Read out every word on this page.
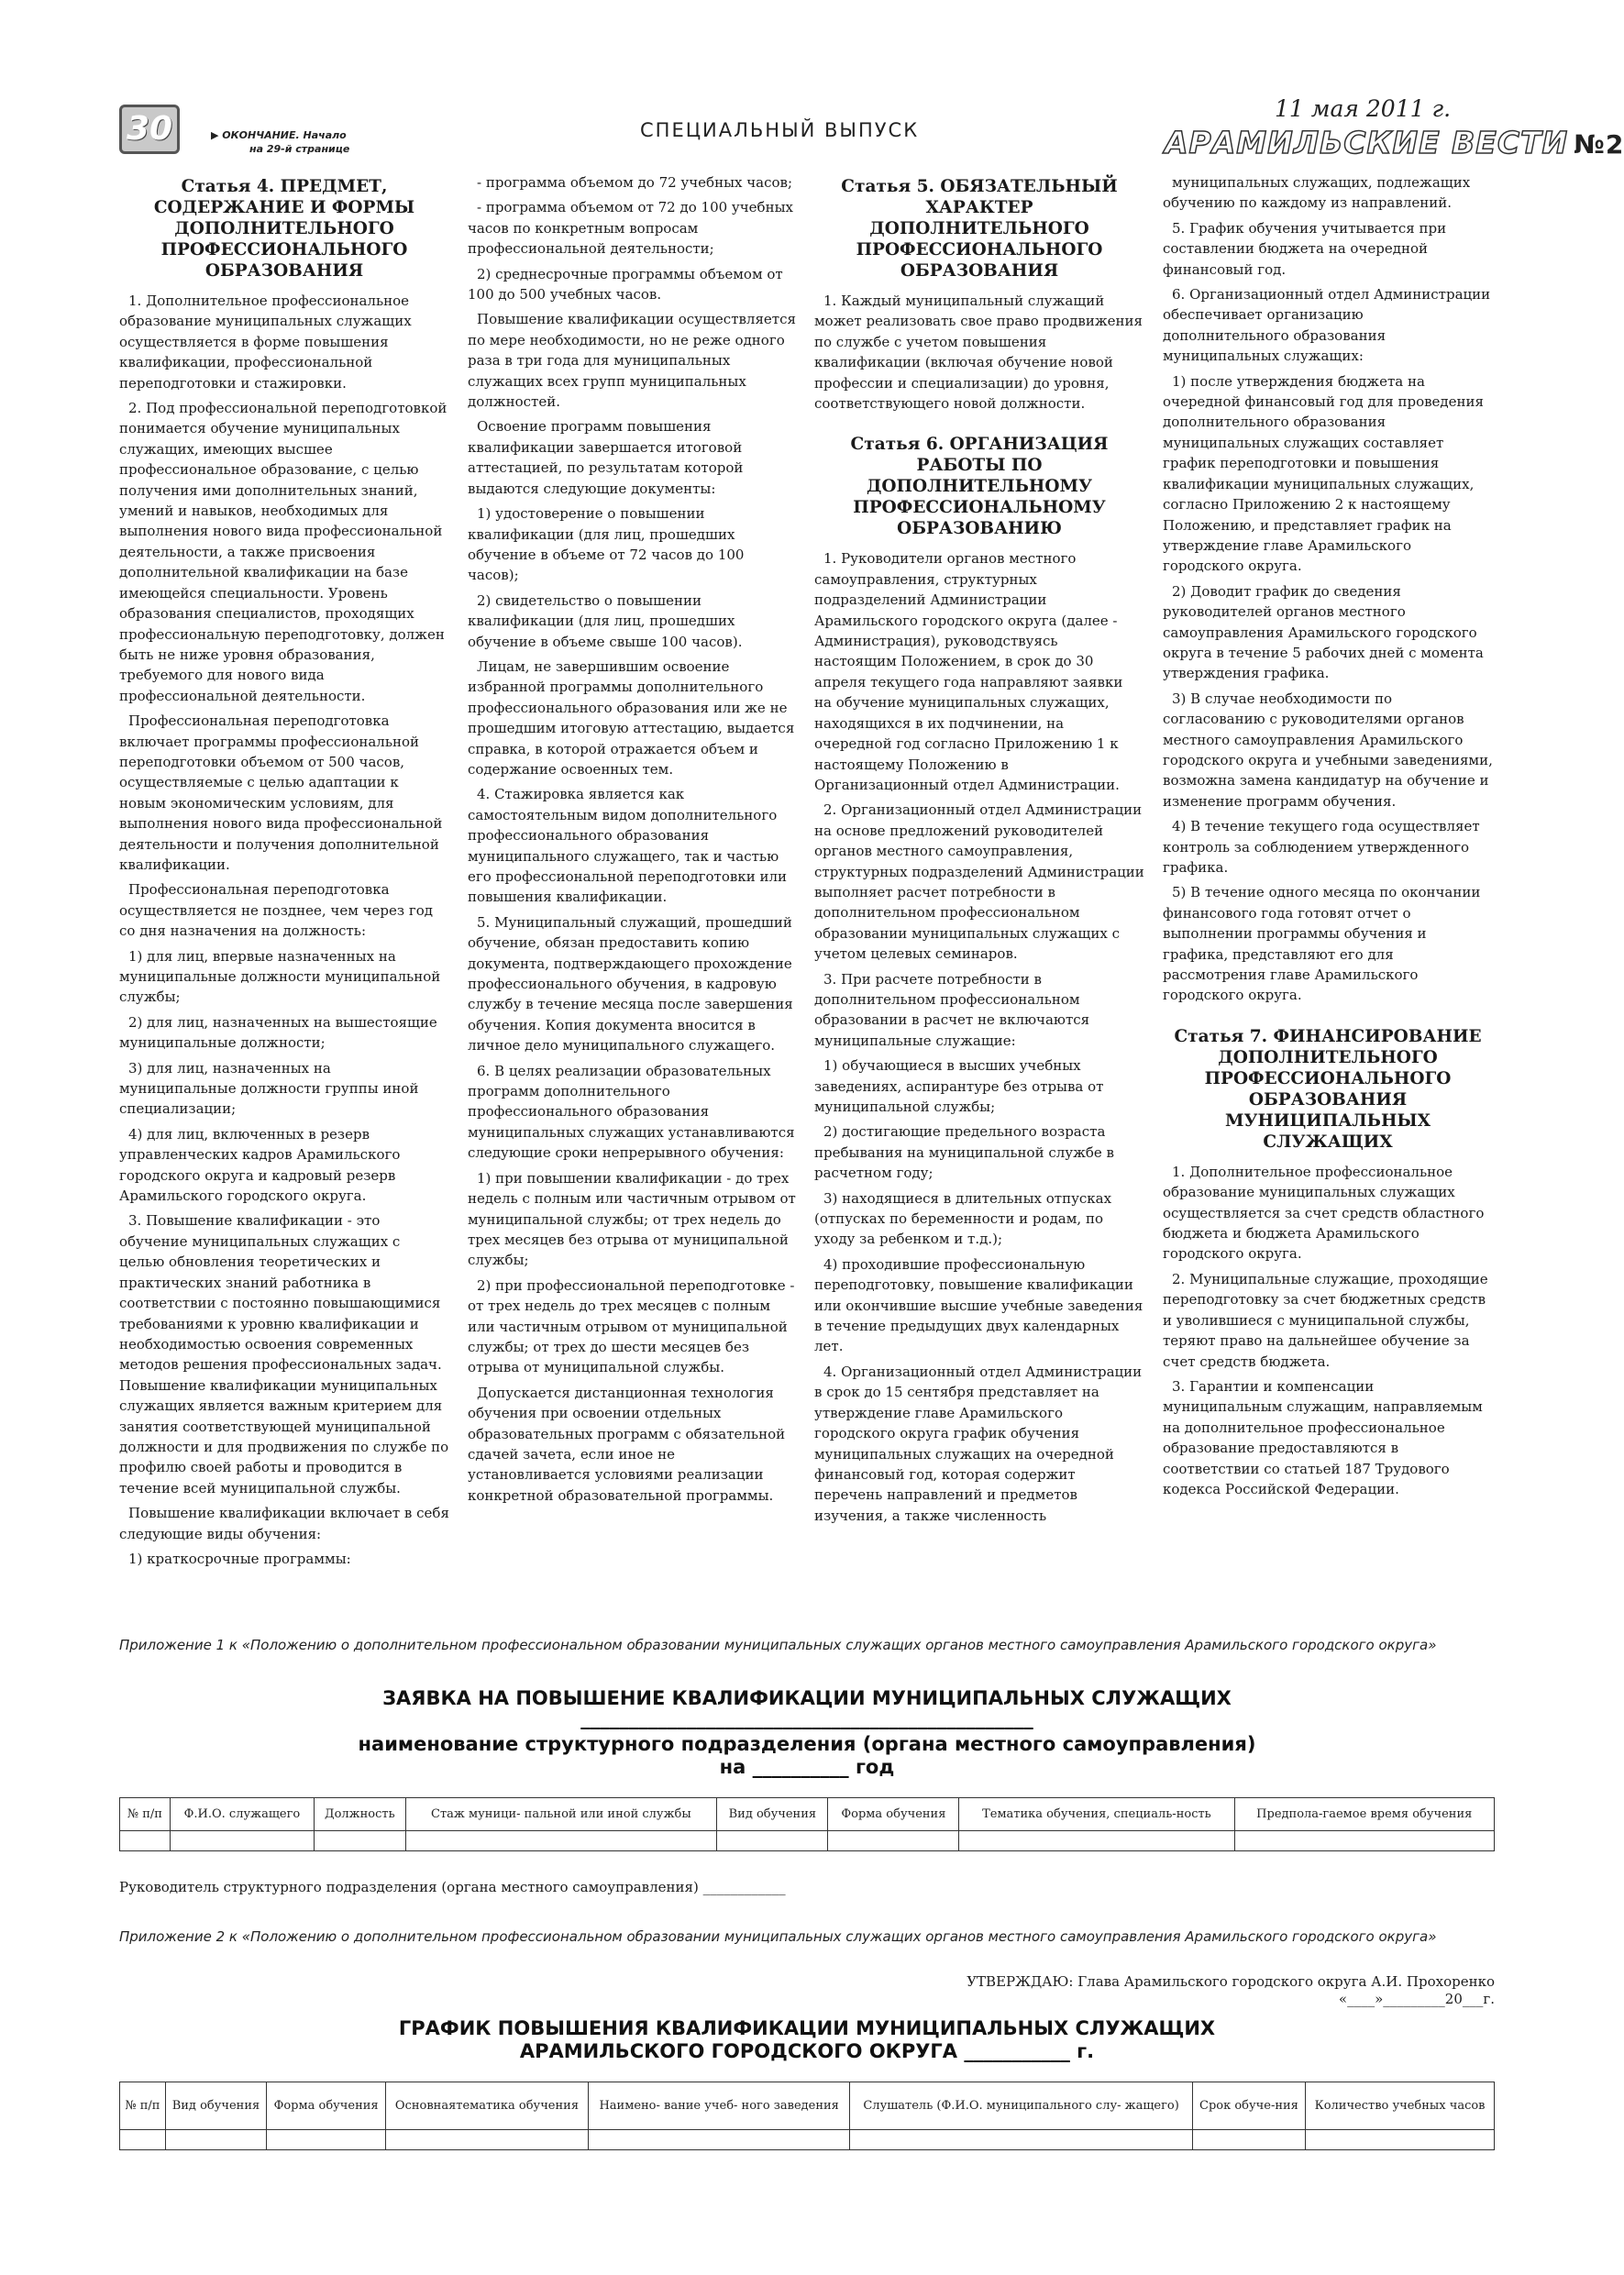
30	▶ ОКОНЧАНИЕ. Начало
на 29-й странице
СПЕЦИАЛЬНЫЙ ВЫПУСК
11 мая 2011 г.
АРАМИЛЬСКИЕ ВЕСТИ №2
Статья 4. ПРЕДМЕТ, СОДЕРЖАНИЕ И ФОРМЫ ДОПОЛНИТЕЛЬНОГО ПРОФЕССИОНАЛЬНОГО ОБРАЗОВАНИЯ

1. Дополнительное профессиональное образование муниципальных служащих осуществляется в форме повышения квалификации, профессиональной переподготовки и стажировки.

2. Под профессиональной переподготовкой понимается обучение муниципальных служащих, имеющих высшее профессиональное образование, с целью получения ими дополнительных знаний, умений и навыков, необходимых для выполнения нового вида профессиональной деятельности, а также присвоения дополнительной квалификации на базе имеющейся специальности. Уровень образования специалистов, проходящих профессиональную переподготовку, должен быть не ниже уровня образования, требуемого для нового вида профессиональной деятельности.

Профессиональная переподготовка включает программы профессиональной переподготовки объемом от 500 часов, осуществляемые с целью адаптации к новым экономическим условиям, для выполнения нового вида профессиональной деятельности и получения дополнительной квалификации.

Профессиональная переподготовка осуществляется не позднее, чем через год со дня назначения на должность:

1) для лиц, впервые назначенных на муниципальные должности муниципальной службы;

2) для лиц, назначенных на вышестоящие муниципальные должности;

3) для лиц, назначенных на муниципальные должности группы иной специализации;

4) для лиц, включенных в резерв управленческих кадров Арамильского городского округа и кадровый резерв Арамильского городского округа.

3. Повышение квалификации - это обучение муниципальных служащих с целью обновления теоретических и практических знаний работника в соответствии с постоянно повышающимися требованиями к уровню квалификации и необходимостью освоения современных методов решения профессиональных задач. Повышение квалификации муниципальных служащих является важным критерием для занятия соответствующей муниципальной должности и для продвижения по службе по профилю своей работы и проводится в течение всей муниципальной службы.

Повышение квалификации включает в себя следующие виды обучения:

1) краткосрочные программы:

- программа объемом до 72 учебных часов;

- программа объемом от 72 до 100 учебных часов по конкретным вопросам профессиональной деятельности;

2) среднесрочные программы объемом от 100 до 500 учебных часов.

Повышение квалификации осуществляется по мере необходимости, но не реже одного раза в три года для муниципальных служащих всех групп муниципальных должностей.

Освоение программ повышения квалификации завершается итоговой аттестацией, по результатам которой выдаются следующие документы:

1) удостоверение о повышении квалификации (для лиц, прошедших обучение в объеме от 72 часов до 100 часов);

2) свидетельство о повышении квалификации (для лиц, прошедших обучение в объеме свыше 100 часов).

Лицам, не завершившим освоение избранной программы дополнительного профессионального образования или же не прошедшим итоговую аттестацию, выдается справка, в которой отражается объем и содержание освоенных тем.

4. Стажировка является как самостоятельным видом дополнительного профессионального образования муниципального служащего, так и частью его профессиональной переподготовки или повышения квалификации.

5. Муниципальный служащий, прошедший обучение, обязан предоставить копию документа, подтверждающего прохождение профессионального обучения, в кадровую службу в течение месяца после завершения обучения. Копия документа вносится в личное дело муниципального служащего.

6. В целях реализации образовательных программ дополнительного профессионального образования муниципальных служащих устанавливаются следующие сроки непрерывного обучения:

1) при повышении квалификации - до трех недель с полным или частичным отрывом от муниципальной службы; от трех недель до трех месяцев без отрыва от муниципальной службы;

2) при профессиональной переподготовке - от трех недель до трех месяцев с полным или частичным отрывом от муниципальной службы; от трех до шести месяцев без отрыва от муниципальной службы.

Допускается дистанционная технология обучения при освоении отдельных образовательных программ с обязательной сдачей зачета, если иное не установливается условиями реализации конкретной образовательной программы.

Статья 5. ОБЯЗАТЕЛЬНЫЙ ХАРАКТЕР ДОПОЛНИТЕЛЬНОГО ПРОФЕССИОНАЛЬНОГО ОБРАЗОВАНИЯ

1. Каждый муниципальный служащий может реализовать свое право продвижения по службе с учетом повышения квалификации (включая обучение новой профессии и специализации) до уровня, соответствующего новой должности.

Статья 6. ОРГАНИЗАЦИЯ РАБОТЫ ПО ДОПОЛНИТЕЛЬНОМУ ПРОФЕССИОНАЛЬНОМУ ОБРАЗОВАНИЮ

1. Руководители органов местного самоуправления, структурных подразделений Администрации Арамильского городского округа (далее - Администрация), руководствуясь настоящим Положением, в срок до 30 апреля текущего года направляют заявки на обучение муниципальных служащих, находящихся в их подчинении, на очередной год согласно Приложению 1 к настоящему Положению в Организационный отдел Администрации.

2. Организационный отдел Администрации на основе предложений руководителей органов местного самоуправления, структурных подразделений Администрации выполняет расчет потребности в дополнительном профессиональном образовании муниципальных служащих с учетом целевых семинаров.

3. При расчете потребности в дополнительном профессиональном образовании в расчет не включаются муниципальные служащие:

1) обучающиеся в высших учебных заведениях, аспирантуре без отрыва от муниципальной службы;

2) достигающие предельного возраста пребывания на муниципальной службе в расчетном году;

3) находящиеся в длительных отпусках (отпусках по беременности и родам, по уходу за ребенком и т.д.);

4) проходившие профессиональную переподготовку, повышение квалификации или окончившие высшие учебные заведения в течение предыдущих двух календарных лет.

4. Организационный отдел Администрации в срок до 15 сентября представляет на утверждение главе Арамильского городского округа график обучения муниципальных служащих на очередной финансовый год, которая содержит перечень направлений и предметов изучения, а также численность

муниципальных служащих, подлежащих обучению по каждому из направлений.

5. График обучения учитывается при составлении бюджета на очередной финансовый год.

6. Организационный отдел Администрации обеспечивает организацию дополнительного образования муниципальных служащих:

1) после утверждения бюджета на очередной финансовый год для проведения дополнительного образования муниципальных служащих составляет график переподготовки и повышения квалификации муниципальных служащих, согласно Приложению 2 к настоящему Положению, и представляет график на утверждение главе Арамильского городского округа.

2) Доводит график до сведения руководителей органов местного самоуправления Арамильского городского округа в течение 5 рабочих дней с момента утверждения графика.

3) В случае необходимости по согласованию с руководителями органов местного самоуправления Арамильского городского округа и учебными заведениями, возможна замена кандидатур на обучение и изменение программ обучения.

4) В течение текущего года осуществляет контроль за соблюдением утвержденного графика.

5) В течение одного месяца по окончании финансового года готовят отчет о выполнении программы обучения и графика, представляют его для рассмотрения главе Арамильского городского округа.

Статья 7. ФИНАНСИРОВАНИЕ ДОПОЛНИТЕЛЬНОГО ПРОФЕССИОНАЛЬНОГО ОБРАЗОВАНИЯ МУНИЦИПАЛЬНЫХ СЛУЖАЩИХ

1. Дополнительное профессиональное образование муниципальных служащих осуществляется за счет средств областного бюджета и бюджета Арамильского городского округа.

2. Муниципальные служащие, проходящие переподготовку за счет бюджетных средств и уволившиеся с муниципальной службы, теряют право на дальнейшее обучение за счет средств бюджета.

3. Гарантии и компенсации муниципальным служащим, направляемым на дополнительное профессиональное образование предоставляются в соответствии со статьей 187 Трудового кодекса Российской Федерации.

Приложение 1 к «Положению о дополнительном профессиональном образовании муниципальных служащих органов местного самоуправления Арамильского городского округа»
ЗАЯВКА НА ПОВЫШЕНИЕ КВАЛИФИКАЦИИ МУНИЦИПАЛЬНЫХ СЛУЖАЩИХ
_______________________________________________
наименование структурного подразделения (органа местного самоуправления)
на __________ год
№ п/п	Ф.И.О. служащего	Должность	Стаж муници- пальной или иной службы	Вид обучения	Форма обучения	Тематика обучения, специаль-ность	Предпола-гаемое время обучения

Руководитель структурного подразделения (органа местного самоуправления) ____________
Приложение 2 к «Положению о дополнительном профессиональном образовании муниципальных служащих органов местного самоуправления Арамильского городского округа»
УТВЕРЖДАЮ: Глава Арамильского городского округа А.И. Прохоренко
«____»_________20___г.
ГРАФИК ПОВЫШЕНИЯ КВАЛИФИКАЦИИ МУНИЦИПАЛЬНЫХ СЛУЖАЩИХ
АРАМИЛЬСКОГО ГОРОДСКОГО ОКРУГА ___________ г.
№ п/п	Вид обучения	Форма обучения	Основнаятематика обучения	Наимено- вание учеб- ного заведения	Слушатель (Ф.И.О. муниципального слу- жащего)	Срок обуче-ния	Количество учебных часов
